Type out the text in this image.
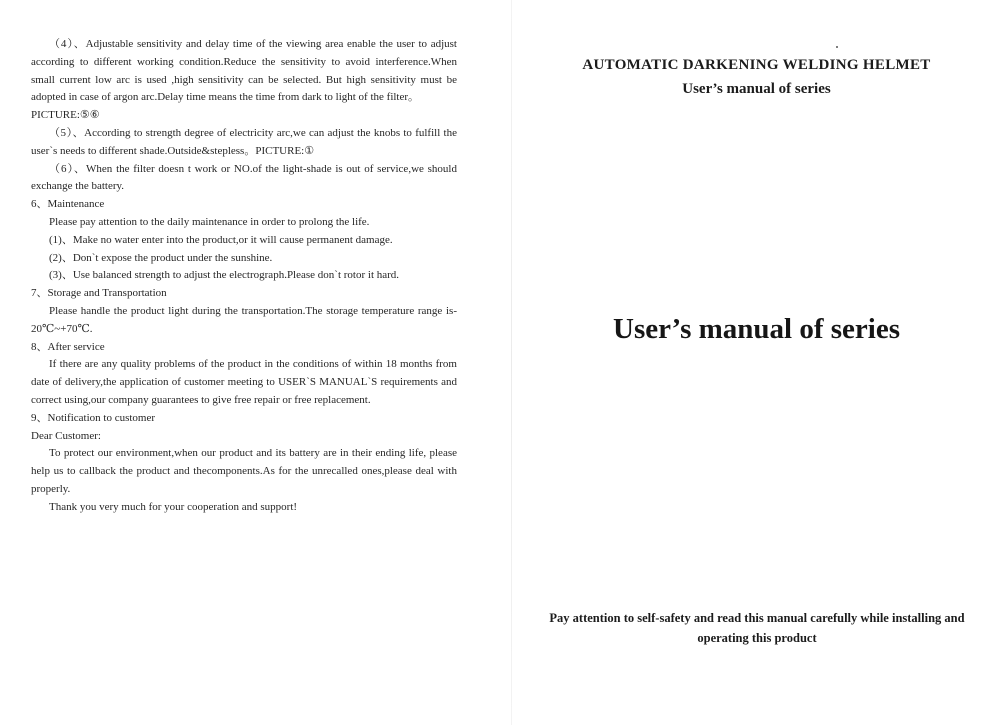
（4）、Adjustable sensitivity and delay time of the viewing area enable the user to adjust according to different working condition.Reduce the sensitivity to avoid interference.When small current low arc is used ,high sensitivity can be selected. But high sensitivity must be adopted in case of argon arc.Delay time means the time from dark to light of the filter。

PICTURE:⑤⑥

（5）、According to strength degree of electricity arc,we can adjust the knobs to fulfill the user`s needs to different shade.Outside&stepless。PICTURE:①

（6）、When the filter doesn t work or NO.of the light-shade is out of service,we should exchange the battery.

6、Maintenance

Please pay attention to the daily maintenance in order to prolong the life.

(1)、Make no water enter into the product,or it will cause permanent damage.

(2)、Don`t expose the product under the sunshine.

(3)、Use balanced strength to adjust the electrograph.Please don`t rotor it hard.

7、Storage and Transportation

Please handle the product light during the transportation.The storage temperature range is-20℃~+70℃.

8、After service

If there are any quality problems of the product in the conditions of within 18 months from date of delivery,the application of customer meeting to USER`S MANUAL`S requirements and correct using,our company guarantees to give free repair or free replacement.

9、Notification to customer

Dear Customer:

To protect our environment,when our product and its battery are in their ending life, please help us to callback the product and thecomponents.As for the unrecalled ones,please deal with properly.

Thank you very much for your cooperation and support!

AUTOMATIC DARKENING WELDING HELMET
User’s manual of series
User’s manual of series
Pay attention to self-safety and read this manual carefully while installing and operating this product
